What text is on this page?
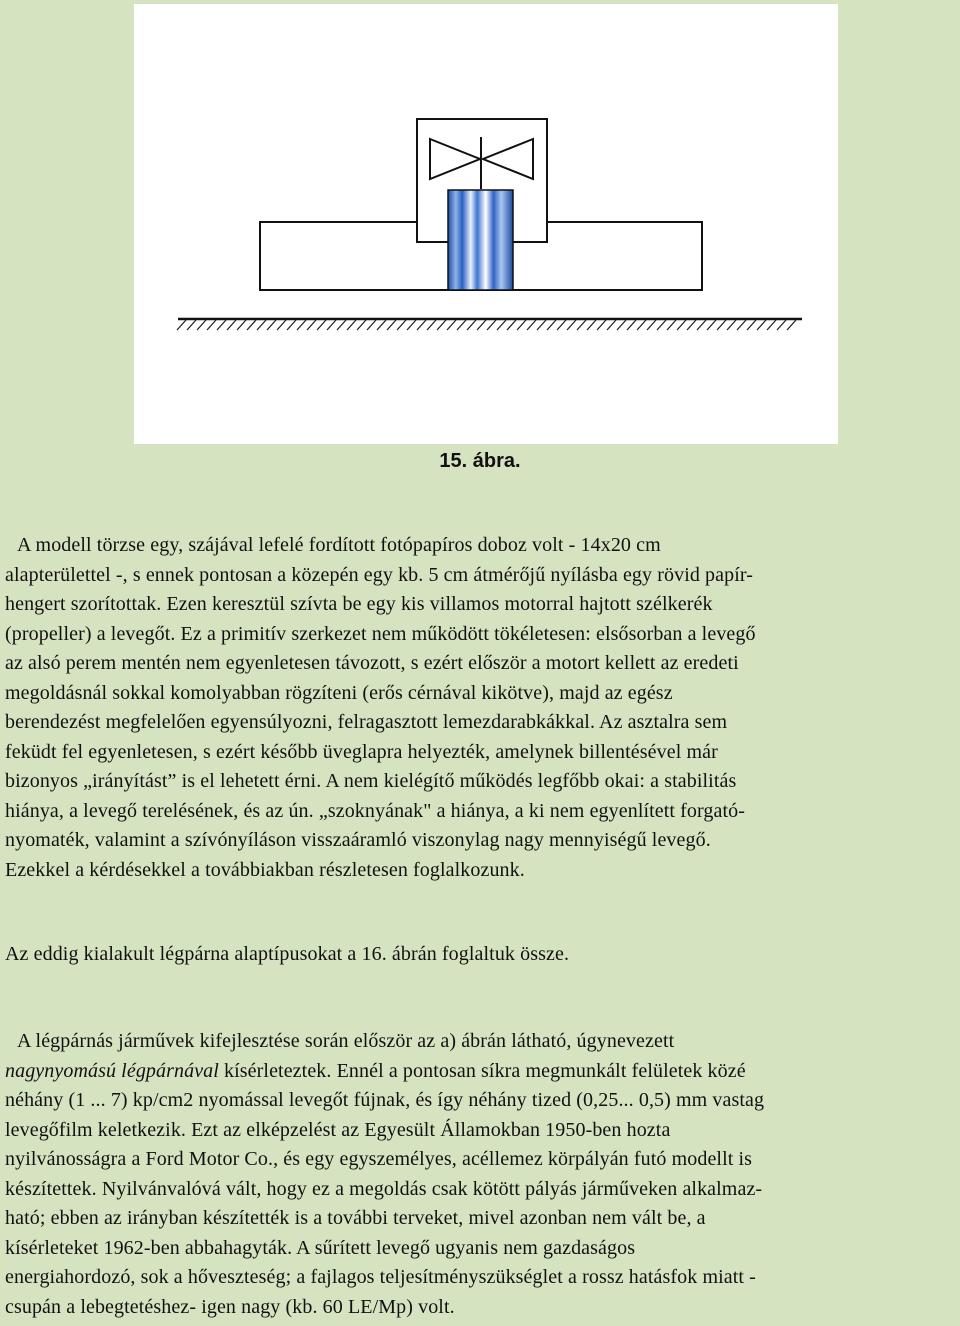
15. ábra.
A modell törzse egy, szájával lefelé fordított fotópapíros doboz volt - 14x20 cm
alapterülettel -, s ennek pontosan a közepén egy kb. 5 cm átmérőjű nyílásba egy rövid papír-
hengert szorítottak. Ezen keresztül szívta be egy kis villamos motorral hajtott szélkerék
(propeller) a levegőt. Ez a primitív szerkezet nem működött tökéletesen: elsősorban a levegő
az alsó perem mentén nem egyenletesen távozott, s ezért először a motort kellett az eredeti
megoldásnál sokkal komolyabban rögzíteni (erős cérnával kikötve), majd az egész
berendezést megfelelően egyensúlyozni, felragasztott lemezdarabkákkal. Az asztalra sem
feküdt fel egyenletesen, s ezért később üveglapra helyezték, amelynek billentésével már
bizonyos „irányítást” is el lehetett érni. A nem kielégítő működés legfőbb okai: a stabilitás
hiánya, a levegő terelésének, és az ún. „szoknyának" a hiánya, a ki nem egyenlített forgató-
nyomaték, valamint a szívónyíláson visszaáramló viszonylag nagy mennyiségű levegő.
Ezekkel a kérdésekkel a továbbiakban részletesen foglalkozunk.
Az eddig kialakult légpárna alaptípusokat a 16. ábrán foglaltuk össze.
A légpárnás járművek kifejlesztése során először az a) ábrán látható, úgynevezett
nagynyomású légpárnával kísérleteztek. Ennél a pontosan síkra megmunkált felületek közé
néhány (1 ... 7) kp/cm2 nyomással levegőt fújnak, és így néhány tized (0,25... 0,5) mm vastag
levegőfilm keletkezik. Ezt az elképzelést az Egyesült Államokban 1950-ben hozta
nyilvánosságra a Ford Motor Co., és egy egyszemélyes, acéllemez körpályán futó modellt is
készítettek. Nyilvánvalóvá vált, hogy ez a megoldás csak kötött pályás járműveken alkalmaz-
ható; ebben az irányban készítették is a további terveket, mivel azonban nem vált be, a
kísérleteket 1962-ben abbahagyták. A sűrített levegő ugyanis nem gazdaságos
energiahordozó, sok a hőveszteség; a fajlagos teljesítményszükséglet a rossz hatásfok miatt -
csupán a lebegtetéshez- igen nagy (kb. 60 LE/Mp) volt.
